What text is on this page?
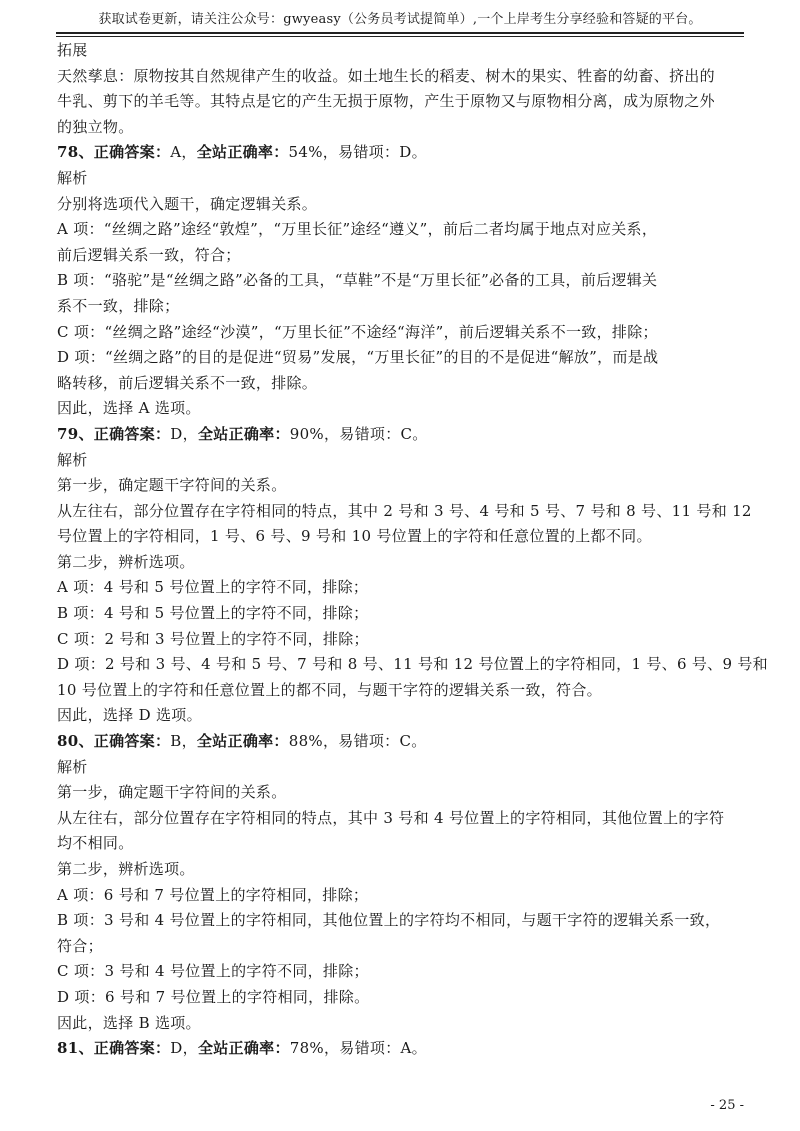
获取试卷更新，请关注公众号：gwyeasy（公务员考试提简单）,一个上岸考生分享经验和答疑的平台。
拓展
天然孳息：原物按其自然规律产生的收益。如土地生长的稻麦、树木的果实、牲畜的幼畜、挤出的
牛乳、剪下的羊毛等。其特点是它的产生无损于原物，产生于原物又与原物相分离，成为原物之外
的独立物。
78、正确答案：A，全站正确率：54%，易错项：D。
解析
分别将选项代入题干，确定逻辑关系。
A 项：“丝绸之路”途经“敦煌”，“万里长征”途经“遵义”，前后二者均属于地点对应关系，
前后逻辑关系一致，符合；
B 项：“骆驼”是“丝绸之路”必备的工具，“草鞋”不是“万里长征”必备的工具，前后逻辑关
系不一致，排除；
C 项：“丝绸之路”途经“沙漠”，“万里长征”不途经“海洋”，前后逻辑关系不一致，排除；
D 项：“丝绸之路”的目的是促进“贸易”发展，“万里长征”的目的不是促进“解放”，而是战
略转移，前后逻辑关系不一致，排除。
因此，选择 A 选项。
79、正确答案：D，全站正确率：90%，易错项：C。
解析
第一步，确定题干字符间的关系。
从左往右，部分位置存在字符相同的特点，其中 2 号和 3 号、4 号和 5 号、7 号和 8 号、11 号和 12
号位置上的字符相同，1 号、6 号、9 号和 10 号位置上的字符和任意位置的上都不同。
第二步，辨析选项。
A 项：4 号和 5 号位置上的字符不同，排除；
B 项：4 号和 5 号位置上的字符不同，排除；
C 项：2 号和 3 号位置上的字符不同，排除；
D 项：2 号和 3 号、4 号和 5 号、7 号和 8 号、11 号和 12 号位置上的字符相同，1 号、6 号、9 号和
10 号位置上的字符和任意位置上的都不同，与题干字符的逻辑关系一致，符合。
因此，选择 D 选项。
80、正确答案：B，全站正确率：88%，易错项：C。
解析
第一步，确定题干字符间的关系。
从左往右，部分位置存在字符相同的特点，其中 3 号和 4 号位置上的字符相同，其他位置上的字符
均不相同。
第二步，辨析选项。
A 项：6 号和 7 号位置上的字符相同，排除；
B 项：3 号和 4 号位置上的字符相同，其他位置上的字符均不相同，与题干字符的逻辑关系一致，
符合；
C 项：3 号和 4 号位置上的字符不同，排除；
D 项：6 号和 7 号位置上的字符相同，排除。
因此，选择 B 选项。
81、正确答案：D，全站正确率：78%，易错项：A。
- 25 -
